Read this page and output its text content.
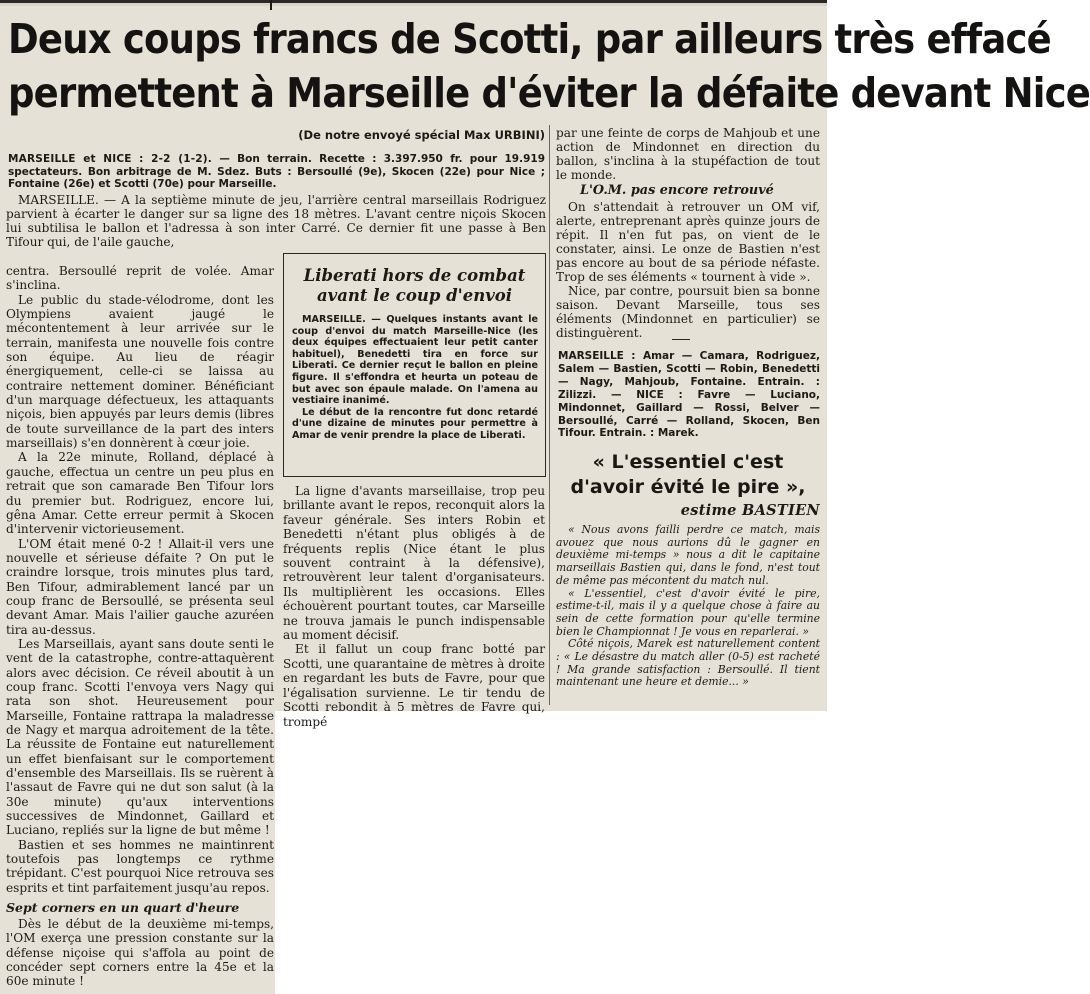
Deux coups francs de Scotti, par ailleurs très effacé
permettent à Marseille d'éviter la défaite devant Nice

(De notre envoyé spécial Max URBINI)

MARSEILLE et NICE : 2-2 (1-2). — Bon terrain. Recette : 3.397.950 fr. pour 19.919 spectateurs. Bon arbitrage de M. Sdez. Buts : Bersoullé (9e), Skocen (22e) pour Nice ; Fontaine (26e) et Scotti (70e) pour Marseille.

MARSEILLE. — A la septième minute de jeu, l'arrière central marseillais Rodriguez parvient à écarter le danger sur sa ligne des 18 mètres. L'avant centre niçois Skocen lui subtilisa le ballon et l'adressa à son inter Carré. Ce dernier fit une passe à Ben Tifour qui, de l'aile gauche,

centra. Bersoullé reprit de volée. Amar s'inclina.

Le public du stade-vélodrome, dont les Olympiens avaient jaugé le mécontentement à leur arrivée sur le terrain, manifesta une nouvelle fois contre son équipe. Au lieu de réagir énergiquement, celle-ci se laissa au contraire nettement dominer. Bénéficiant d'un marquage défectueux, les attaquants niçois, bien appuyés par leurs demis (libres de toute surveillance de la part des inters marseillais) s'en donnèrent à cœur joie.

A la 22e minute, Rolland, déplacé à gauche, effectua un centre un peu plus en retrait que son camarade Ben Tifour lors du premier but. Rodriguez, encore lui, gêna Amar. Cette erreur permit à Skocen d'intervenir victorieusement.

L'OM était mené 0-2 ! Allait-il vers une nouvelle et sérieuse défaite ? On put le craindre lorsque, trois minutes plus tard, Ben Tifour, admirablement lancé par un coup franc de Bersoullé, se présenta seul devant Amar. Mais l'ailier gauche azuréen tira au-dessus.

Les Marseillais, ayant sans doute senti le vent de la catastrophe, contre-attaquèrent alors avec décision. Ce réveil aboutit à un coup franc. Scotti l'envoya vers Nagy qui rata son shot. Heureusement pour Marseille, Fontaine rattrapa la maladresse de Nagy et marqua adroitement de la tête. La réussite de Fontaine eut naturellement un effet bienfaisant sur le comportement d'ensemble des Marseillais. Ils se ruèrent à l'assaut de Favre qui ne dut son salut (à la 30e minute) qu'aux interventions successives de Mindonnet, Gaillard et Luciano, repliés sur la ligne de but même !

Bastien et ses hommes ne maintinrent toutefois pas longtemps ce rythme trépidant. C'est pourquoi Nice retrouva ses esprits et tint parfaitement jusqu'au repos.

Sept corners en un quart d'heure

Dès le début de la deuxième mi-temps, l'OM exerça une pression constante sur la défense niçoise qui s'affola au point de concéder sept corners entre la 45e et la 60e minute !

Liberati hors de combat
avant le coup d'envoi

MARSEILLE. — Quelques instants avant le coup d'envoi du match Marseille-Nice (les deux équipes effectuaient leur petit canter habituel), Benedetti tira en force sur Liberati. Ce dernier reçut le ballon en pleine figure. Il s'effondra et heurta un poteau de but avec son épaule malade. On l'amena au vestiaire inanimé.

Le début de la rencontre fut donc retardé d'une dizaine de minutes pour permettre à Amar de venir prendre la place de Liberati.

La ligne d'avants marseillaise, trop peu brillante avant le repos, reconquit alors la faveur générale. Ses inters Robin et Benedetti n'étant plus obligés à de fréquents replis (Nice étant le plus souvent contraint à la défensive), retrouvèrent leur talent d'organisateurs. Ils multiplièrent les occasions. Elles échouèrent pourtant toutes, car Marseille ne trouva jamais le punch indispensable au moment décisif.

Et il fallut un coup franc botté par Scotti, une quarantaine de mètres à droite en regardant les buts de Favre, pour que l'égalisation survienne. Le tir tendu de Scotti rebondit à 5 mètres de Favre qui, trompé

par une feinte de corps de Mahjoub et une action de Mindonnet en direction du ballon, s'inclina à la stupéfaction de tout le monde.

L'O.M. pas encore retrouvé

On s'attendait à retrouver un OM vif, alerte, entreprenant après quinze jours de répit. Il n'en fut pas, on vient de le constater, ainsi. Le onze de Bastien n'est pas encore au bout de sa période néfaste. Trop de ses éléments « tournent à vide ».

Nice, par contre, poursuit bien sa bonne saison. Devant Marseille, tous ses éléments (Mindonnet en particulier) se distinguèrent.

MARSEILLE : Amar — Camara, Rodriguez, Salem — Bastien, Scotti — Robin, Benedetti — Nagy, Mahjoub, Fontaine. Entrain. : Zilizzi. — NICE : Favre — Luciano, Mindonnet, Gaillard — Rossi, Belver — Bersoullé, Carré — Rolland, Skocen, Ben Tifour. Entrain. : Marek.

« L'essentiel c'est d'avoir évité le pire »,

estime BASTIEN

« Nous avons failli perdre ce match, mais avouez que nous aurions dû le gagner en deuxième mi-temps » nous a dit le capitaine marseillais Bastien qui, dans le fond, n'est tout de même pas mécontent du match nul.

« L'essentiel, c'est d'avoir évité le pire, estime-t-il, mais il y a quelque chose à faire au sein de cette formation pour qu'elle termine bien le Championnat ! Je vous en reparlerai. »

Côté niçois, Marek est naturellement content : « Le désastre du match aller (0-5) est racheté ! Ma grande satisfaction : Bersoullé. Il tient maintenant une heure et demie... »
